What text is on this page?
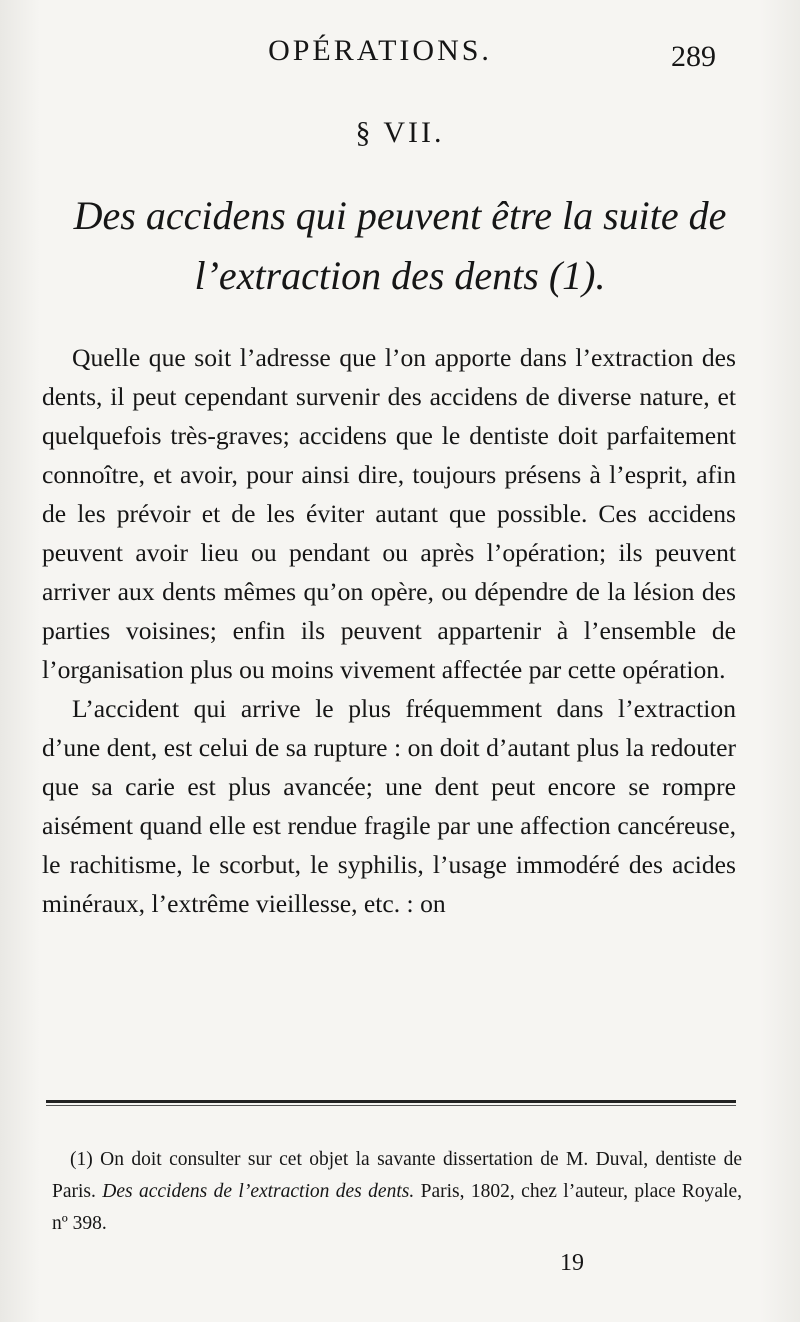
OPÉRATIONS.	289
§ VII.
Des accidens qui peuvent être la suite de
l’extraction des dents (1).

Quelle que soit l’adresse que l’on apporte dans l’extraction des dents, il peut cependant survenir des accidens de diverse nature, et quelquefois très-graves; accidens que le dentiste doit parfaitement connoître, et avoir, pour ainsi dire, toujours présens à l’esprit, afin de les prévoir et de les éviter autant que possible. Ces accidens peuvent avoir lieu ou pendant ou après l’opération; ils peuvent arriver aux dents mêmes qu’on opère, ou dépendre de la lésion des parties voisines; enfin ils peuvent appartenir à l’ensemble de l’organisation plus ou moins vivement affectée par cette opération.

L’accident qui arrive le plus fréquemment dans l’extraction d’une dent, est celui de sa rupture : on doit d’autant plus la redouter que sa carie est plus avancée; une dent peut encore se rompre aisément quand elle est rendue fragile par une affection cancéreuse, le rachitisme, le scorbut, le syphilis, l’usage immodéré des acides minéraux, l’extrême vieillesse, etc. : on

(1) On doit consulter sur cet objet la savante dissertation de M. Duval, dentiste de Paris. Des accidens de l’extraction des dents. Paris, 1802, chez l’auteur, place Royale, nº 398.

19
